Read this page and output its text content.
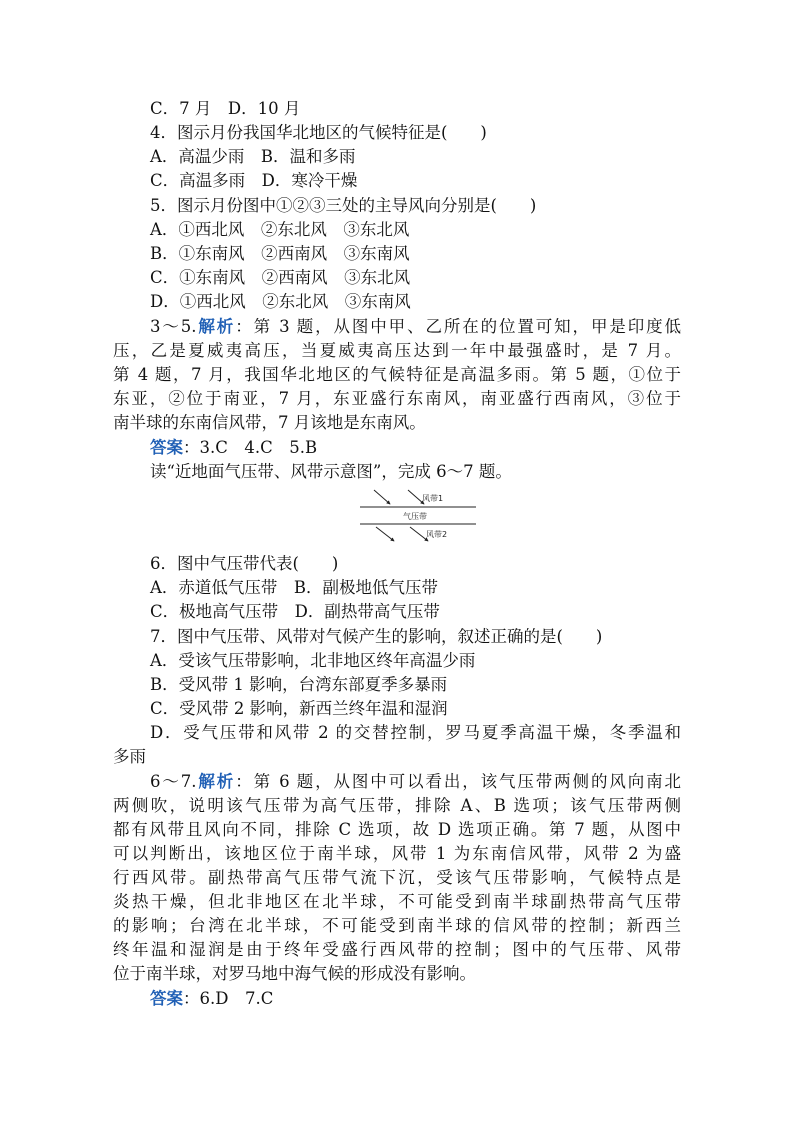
C．7 月　 D．10 月
4．图示月份我国华北地区的气候特征是(　　)
A．高温少雨　B．温和多雨
C．高温多雨　D．寒冷干燥
5．图示月份图中①②③三处的主导风向分别是(　　)
A．①西北风　②东北风　③东北风
B．①东南风　②西南风　③东南风
C．①东南风　②西南风　③东北风
D．①西北风　②东北风　③东南风
3～5.解析：第 3 题，从图中甲、乙所在的位置可知，甲是印度低
压，乙是夏威夷高压，当夏威夷高压达到一年中最强盛时，是 7 月。
第 4 题，7 月，我国华北地区的气候特征是高温多雨。第 5 题，①位于
东亚，②位于南亚，7 月，东亚盛行东南风，南亚盛行西南风，③位于
南半球的东南信风带，7 月该地是东南风。
答案：3.C　4.C　5.B
读“近地面气压带、风带示意图”，完成 6～7 题。
风带1
气压带
风带2
6．图中气压带代表(　　)
A．赤道低气压带　B．副极地低气压带
C．极地高气压带　D．副热带高气压带
7．图中气压带、风带对气候产生的影响，叙述正确的是(　　)
A．受该气压带影响，北非地区终年高温少雨
B．受风带 1 影响，台湾东部夏季多暴雨
C．受风带 2 影响，新西兰终年温和湿润
D．受气压带和风带 2 的交替控制，罗马夏季高温干燥，冬季温和
多雨
6～7.解析：第 6 题，从图中可以看出，该气压带两侧的风向南北
两侧吹，说明该气压带为高气压带，排除 A、B 选项；该气压带两侧
都有风带且风向不同，排除 C 选项，故 D 选项正确。第 7 题，从图中
可以判断出，该地区位于南半球，风带 1 为东南信风带，风带 2 为盛
行西风带。副热带高气压带气流下沉，受该气压带影响，气候特点是
炎热干燥，但北非地区在北半球，不可能受到南半球副热带高气压带
的影响；台湾在北半球，不可能受到南半球的信风带的控制；新西兰
终年温和湿润是由于终年受盛行西风带的控制；图中的气压带、风带
位于南半球，对罗马地中海气候的形成没有影响。
答案：6.D　7.C
